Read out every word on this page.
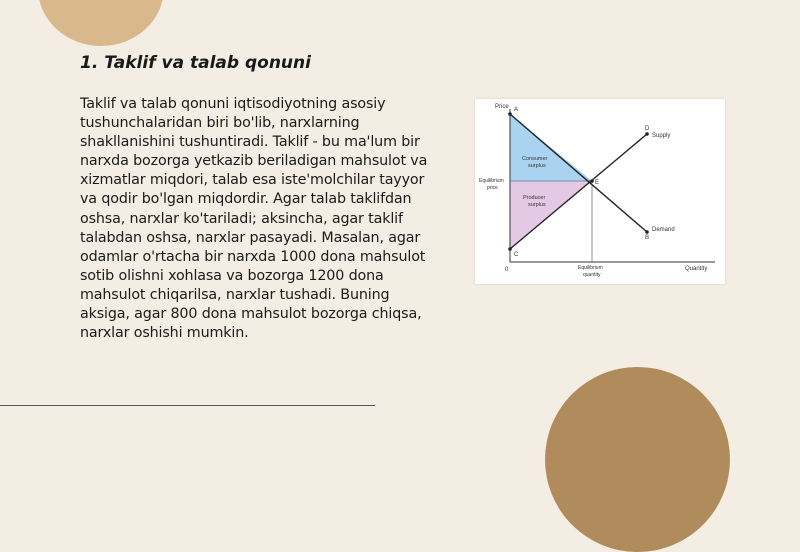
1. Taklif va talab qonuni
Taklif va talab qonuni iqtisodiyotning asosiy tushunchalaridan biri bo'lib, narxlarning shakllanishini tushuntiradi. Taklif - bu ma'lum bir narxda bozorga yetkazib beriladigan mahsulot va xizmatlar miqdori, talab esa iste'molchilar tayyor va qodir bo'lgan miqdordir. Agar talab taklifdan oshsa, narxlar ko'tariladi; aksincha, agar taklif talabdan oshsa, narxlar pasayadi. Masalan, agar odamlar o'rtacha bir narxda 1000 dona mahsulot sotib olishni xohlasa va bozorga 1200 dona mahsulot chiqarilsa, narxlar tushadi. Buning aksiga, agar 800 dona mahsulot bozorga chiqsa, narxlar oshishi mumkin.
Price
Quantity
0
Equilibrium
price
Equilibrium
quantity
Supply
Demand
Consumer
surplus
Producer
surplus
A
C
E
D
B
